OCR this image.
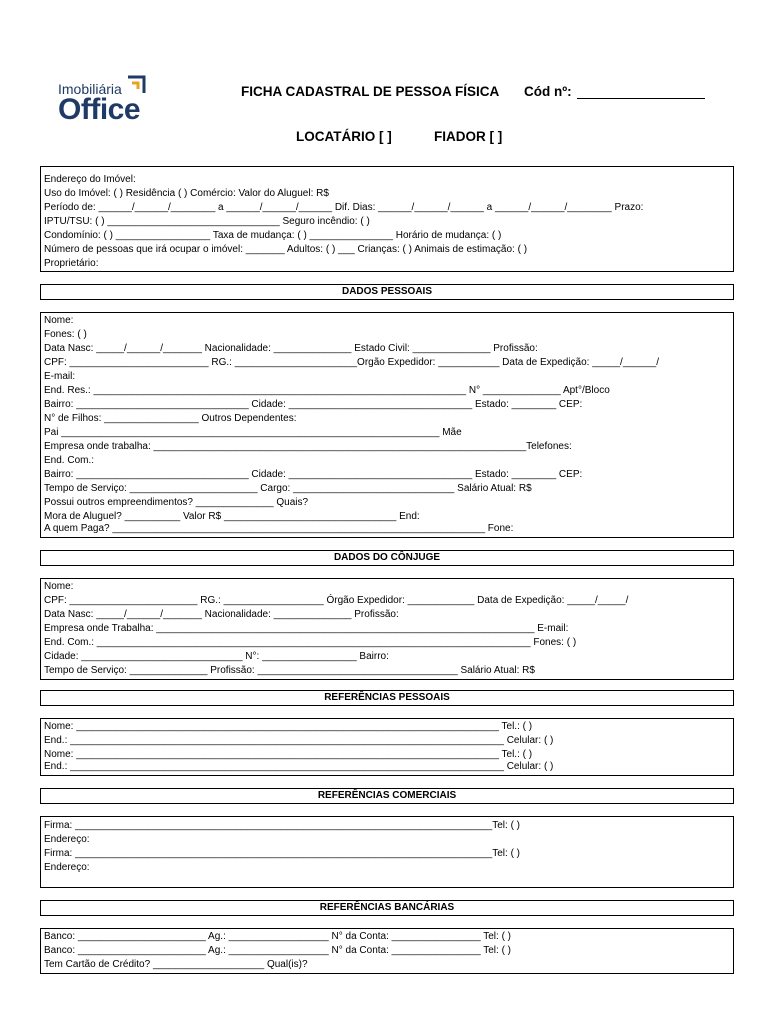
Imobiliária
Office
FICHA CADASTRAL DE PESSOA FÍSICA Cód nº:
LOCATÁRIO [ ]	FIADOR [ ]
Endereço do Imóvel:
Uso do Imóvel: ( ) Residência ( ) Comércio: Valor do Aluguel: R$
Período de: ______/______/________ a ______/______/______ Dif. Dias: ______/______/______ a ______/______/________ Prazo:
IPTU/TSU: ( ) _______________________________ Seguro incêndio: ( )
Condomínio: ( ) _________________ Taxa de mudança: ( ) _______________ Horário de mudança: ( )
Número de pessoas que irá ocupar o imóvel: _______ Adultos: ( ) ___ Crianças: ( ) Animais de estimação: ( )
Proprietário:
DADOS PESSOAIS
Nome:
Fones: ( )
Data Nasc: _____/______/_______ Nacionalidade: ______________ Estado Civil: ______________ Profissão:
CPF: _________________________ RG.: ______________________Orgão Expedidor: ___________ Data de Expedição: _____/______/
E-mail:
End. Res.: ___________________________________________________________________ N° ______________ Apt°/Bloco
Bairro: _______________________________ Cidade: _________________________________ Estado: ________ CEP:
N° de Filhos: _________________ Outros Dependentes:
Pai ____________________________________________________________________ Mãe
Empresa onde trabalha: ___________________________________________________________________Telefones:
End. Com.:
Bairro: _______________________________ Cidade: _________________________________ Estado: ________ CEP:
Tempo de Serviço: _______________________ Cargo: _____________________________ Salário Atual: R$
Possui outros empreendimentos? ______________ Quais?
Mora de Aluguel? __________ Valor R$ _______________________________ End:
A quem Paga? ___________________________________________________________________ Fone:
DADOS DO CÔNJUGE
Nome:
CPF: _______________________ RG.: __________________ Órgão Expedidor: ____________ Data de Expedição: _____/_____/
Data Nasc: _____/______/_______ Nacionalidade: ______________ Profissão:
Empresa onde Trabalha: ____________________________________________________________________ E-mail:
End. Com.: ______________________________________________________________________________ Fones: ( )
Cidade: _____________________________ N°: _________________ Bairro:
Tempo de Serviço: ______________ Profissão: ____________________________________ Salário Atual: R$
REFERÊNCIAS PESSOAIS
Nome: ____________________________________________________________________________ Tel.: ( )
End.: ______________________________________________________________________________ Celular: ( )
Nome: ____________________________________________________________________________ Tel.: ( )
End.: ______________________________________________________________________________ Celular: ( )
REFERÊNCIAS COMERCIAIS
Firma: ___________________________________________________________________________Tel: ( )
Endereço:
Firma: ___________________________________________________________________________Tel: ( )
Endereço:
REFERÊNCIAS BANCÁRIAS
Banco: _______________________ Ag.: __________________ N° da Conta: ________________ Tel: ( )
Banco: _______________________ Ag.: __________________ N° da Conta: ________________ Tel: ( )
Tem Cartão de Crédito? ____________________ Qual(is)?
